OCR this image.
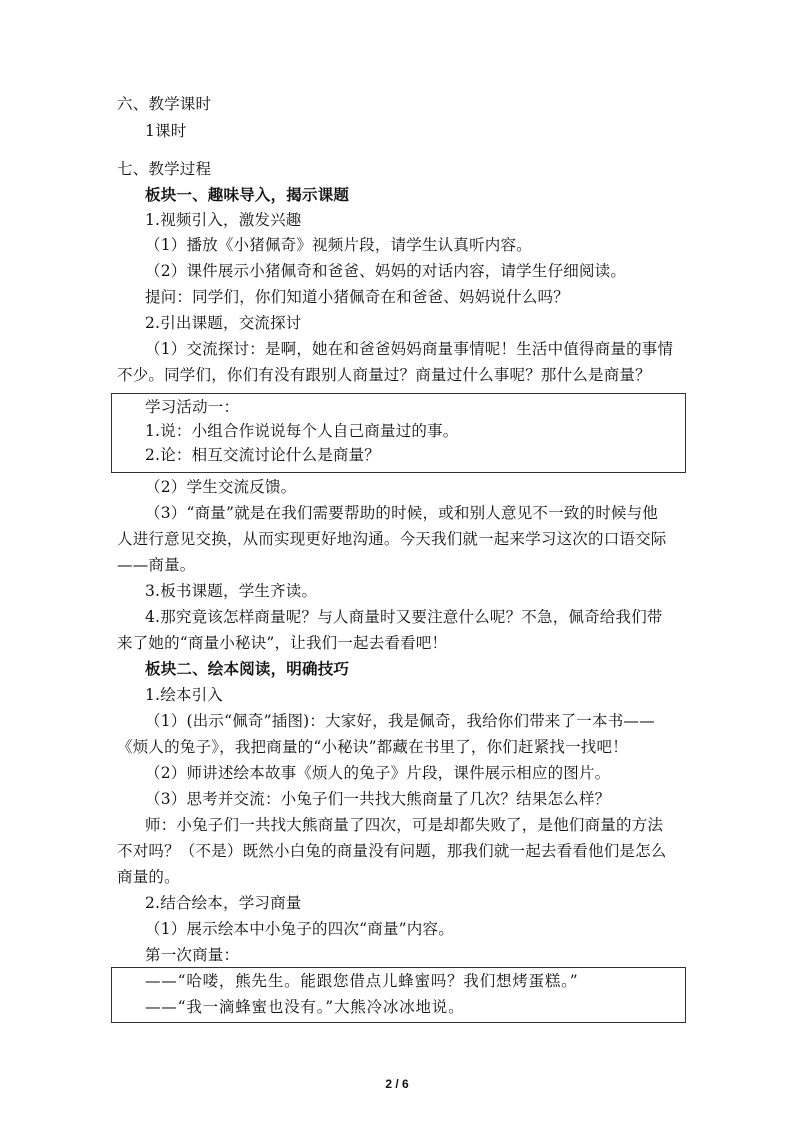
六、教学课时
1课时
七、教学过程
板块一、趣味导入，揭示课题
1.视频引入，激发兴趣
（1）播放《小猪佩奇》视频片段，请学生认真听内容。
（2）课件展示小猪佩奇和爸爸、妈妈的对话内容，请学生仔细阅读。
提问：同学们，你们知道小猪佩奇在和爸爸、妈妈说什么吗？
2.引出课题，交流探讨
（1）交流探讨：是啊，她在和爸爸妈妈商量事情呢！生活中值得商量的事情
不少。同学们，你们有没有跟别人商量过？商量过什么事呢？那什么是商量？
学习活动一：
1.说：小组合作说说每个人自己商量过的事。
2.论：相互交流讨论什么是商量？
（2）学生交流反馈。
（3）“商量”就是在我们需要帮助的时候，或和别人意见不一致的时候与他
人进行意见交换，从而实现更好地沟通。今天我们就一起来学习这次的口语交际
——商量。
3.板书课题，学生齐读。
4.那究竟该怎样商量呢？与人商量时又要注意什么呢？不急，佩奇给我们带
来了她的“商量小秘诀”，让我们一起去看看吧！
板块二、绘本阅读，明确技巧
1.绘本引入
（1）(出示“佩奇”插图)：大家好，我是佩奇，我给你们带来了一本书——
《烦人的兔子》，我把商量的“小秘诀”都藏在书里了，你们赶紧找一找吧！
（2）师讲述绘本故事《烦人的兔子》片段，课件展示相应的图片。
（3）思考并交流：小兔子们一共找大熊商量了几次？结果怎么样？
师：小兔子们一共找大熊商量了四次，可是却都失败了，是他们商量的方法
不对吗？（不是）既然小白兔的商量没有问题，那我们就一起去看看他们是怎么
商量的。
2.结合绘本，学习商量
（1）展示绘本中小兔子的四次“商量”内容。
第一次商量：
——“哈喽，熊先生。能跟您借点儿蜂蜜吗？我们想烤蛋糕。”
——“我一滴蜂蜜也没有。”大熊冷冰冰地说。
2 / 6
